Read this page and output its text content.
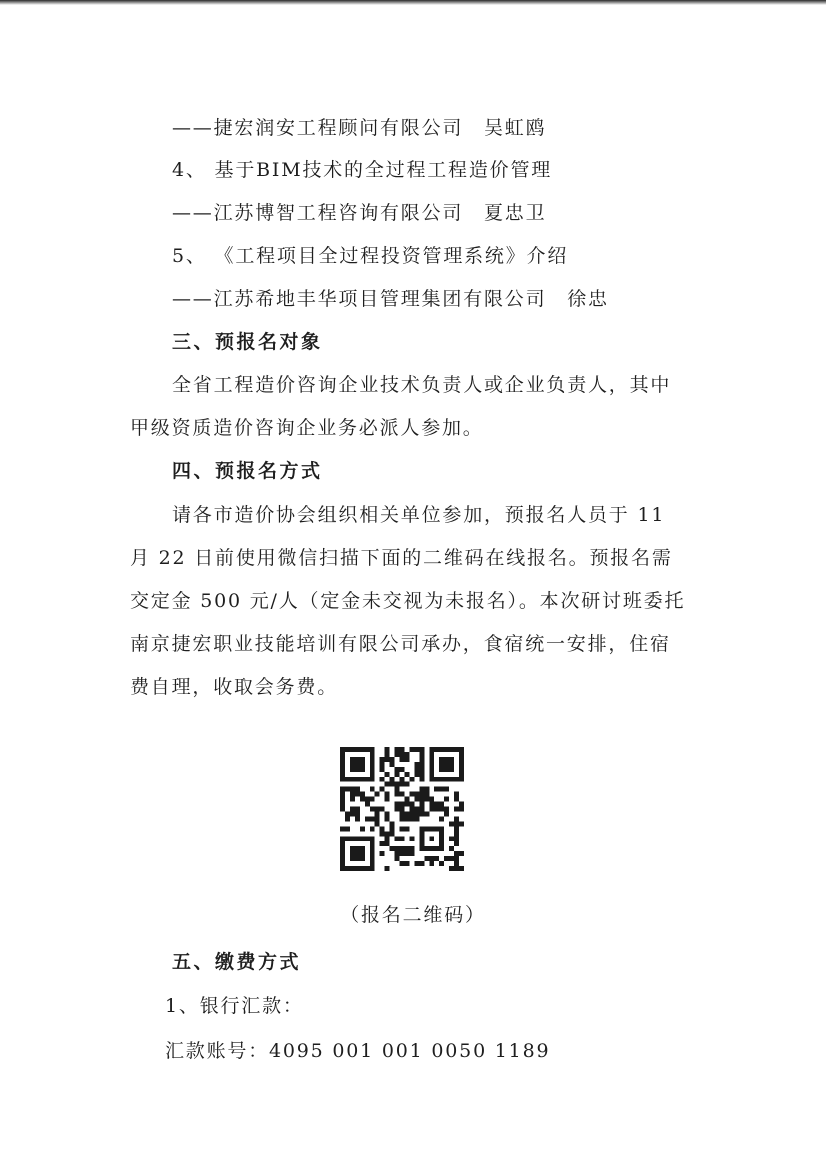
——捷宏润安工程顾问有限公司　吴虹鸥
4、 基于BIM技术的全过程工程造价管理
——江苏博智工程咨询有限公司　夏忠卫
5、 《工程项目全过程投资管理系统》介绍
——江苏希地丰华项目管理集团有限公司　徐忠
三、预报名对象
全省工程造价咨询企业技术负责人或企业负责人，其中
甲级资质造价咨询企业务必派人参加。
四、预报名方式
请各市造价协会组织相关单位参加，预报名人员于 11
月 22 日前使用微信扫描下面的二维码在线报名。预报名需
交定金 500 元/人（定金未交视为未报名）。本次研讨班委托
南京捷宏职业技能培训有限公司承办，食宿统一安排，住宿
费自理，收取会务费。
（报名二维码）
五、缴费方式
1、银行汇款：
汇款账号：4095 001 001 0050 1189
